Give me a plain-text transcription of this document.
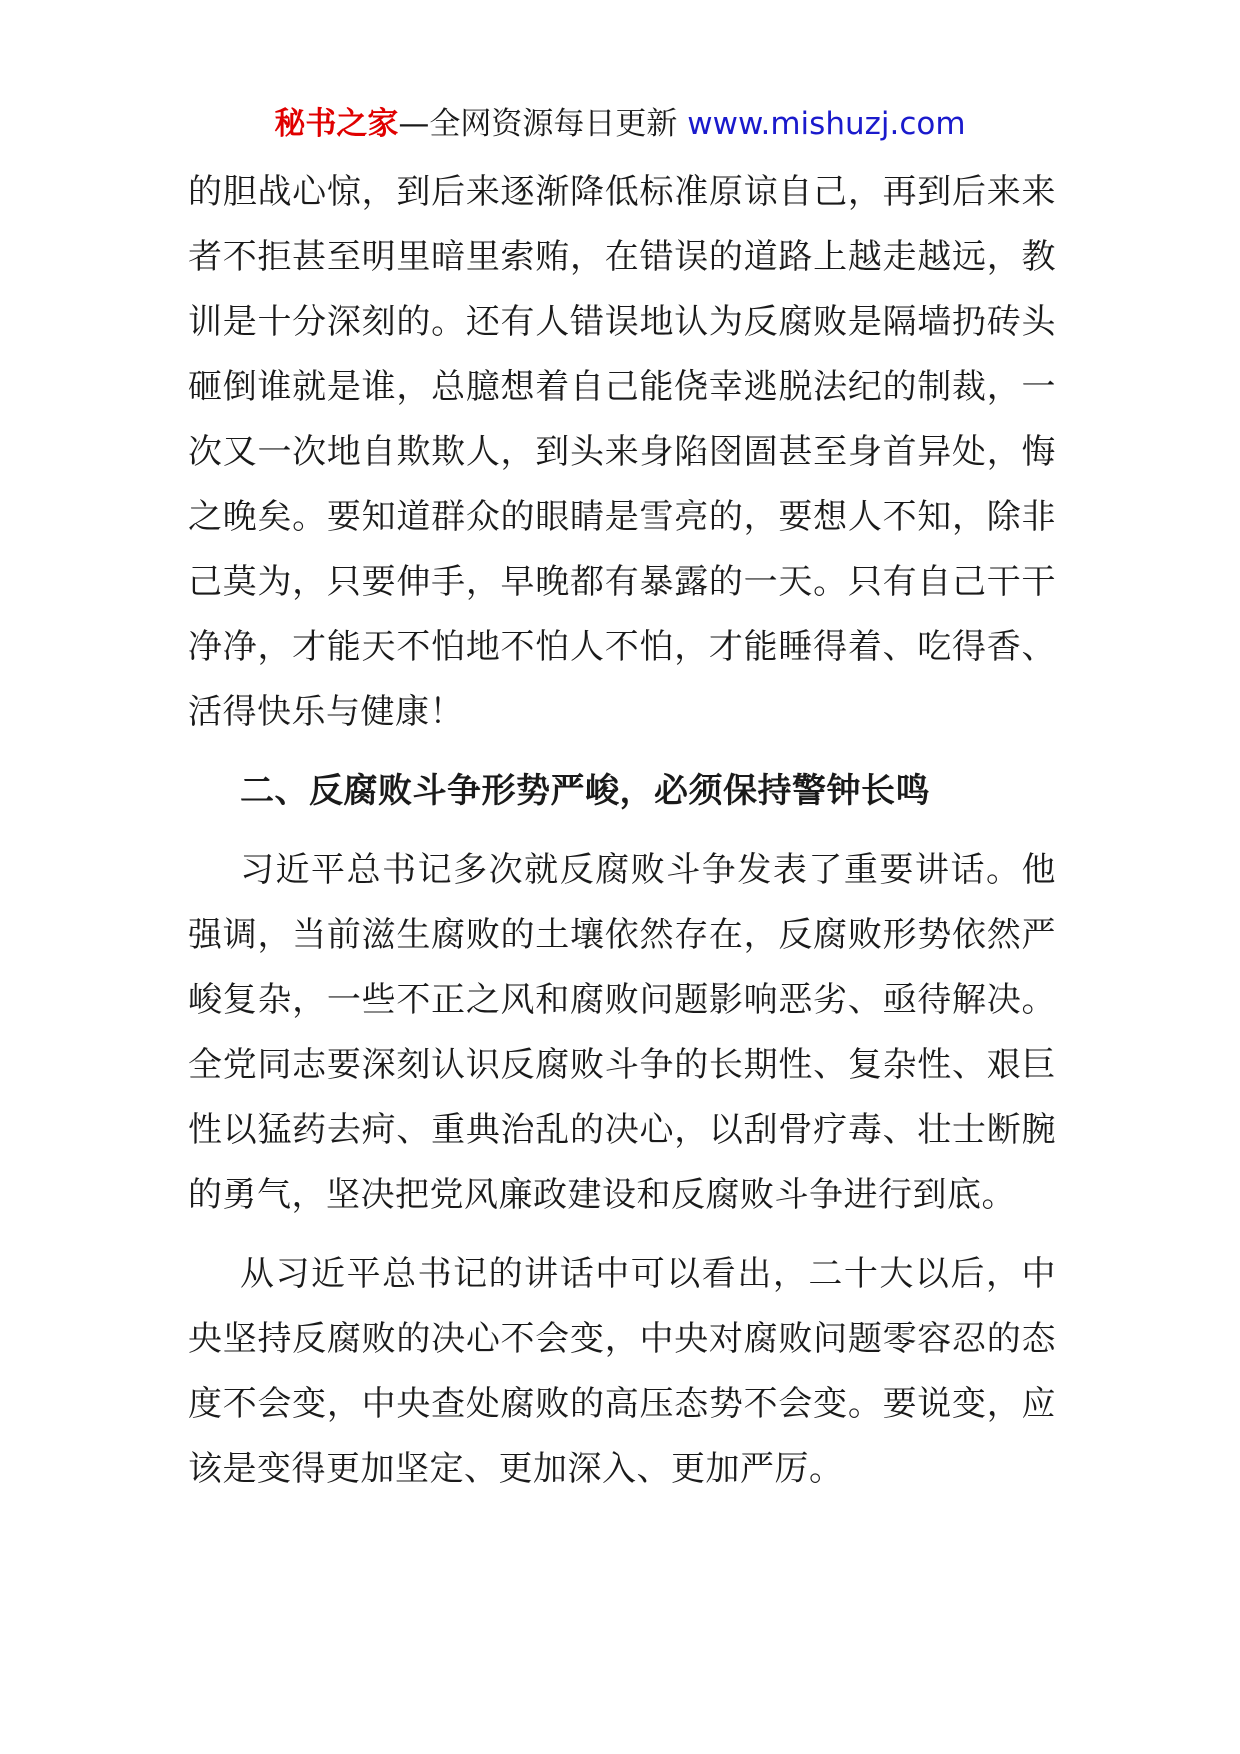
秘书之家—全网资源每日更新 www.mishuzj.com

的胆战心惊，到后来逐渐降低标准原谅自己，再到后来来者不拒甚至明里暗里索贿，在错误的道路上越走越远，教训是十分深刻的。还有人错误地认为反腐败是隔墙扔砖头砸倒谁就是谁，总臆想着自己能侥幸逃脱法纪的制裁，一次又一次地自欺欺人，到头来身陷囹圄甚至身首异处，悔之晚矣。要知道群众的眼睛是雪亮的，要想人不知，除非己莫为，只要伸手，早晚都有暴露的一天。只有自己干干净净，才能天不怕地不怕人不怕，才能睡得着、吃得香、活得快乐与健康！

二、反腐败斗争形势严峻，必须保持警钟长鸣

习近平总书记多次就反腐败斗争发表了重要讲话。他强调，当前滋生腐败的土壤依然存在，反腐败形势依然严峻复杂，一些不正之风和腐败问题影响恶劣、亟待解决。全党同志要深刻认识反腐败斗争的长期性、复杂性、艰巨性以猛药去疴、重典治乱的决心，以刮骨疗毒、壮士断腕的勇气，坚决把党风廉政建设和反腐败斗争进行到底。

从习近平总书记的讲话中可以看出，二十大以后，中央坚持反腐败的决心不会变，中央对腐败问题零容忍的态度不会变，中央查处腐败的高压态势不会变。要说变，应该是变得更加坚定、更加深入、更加严厉。
